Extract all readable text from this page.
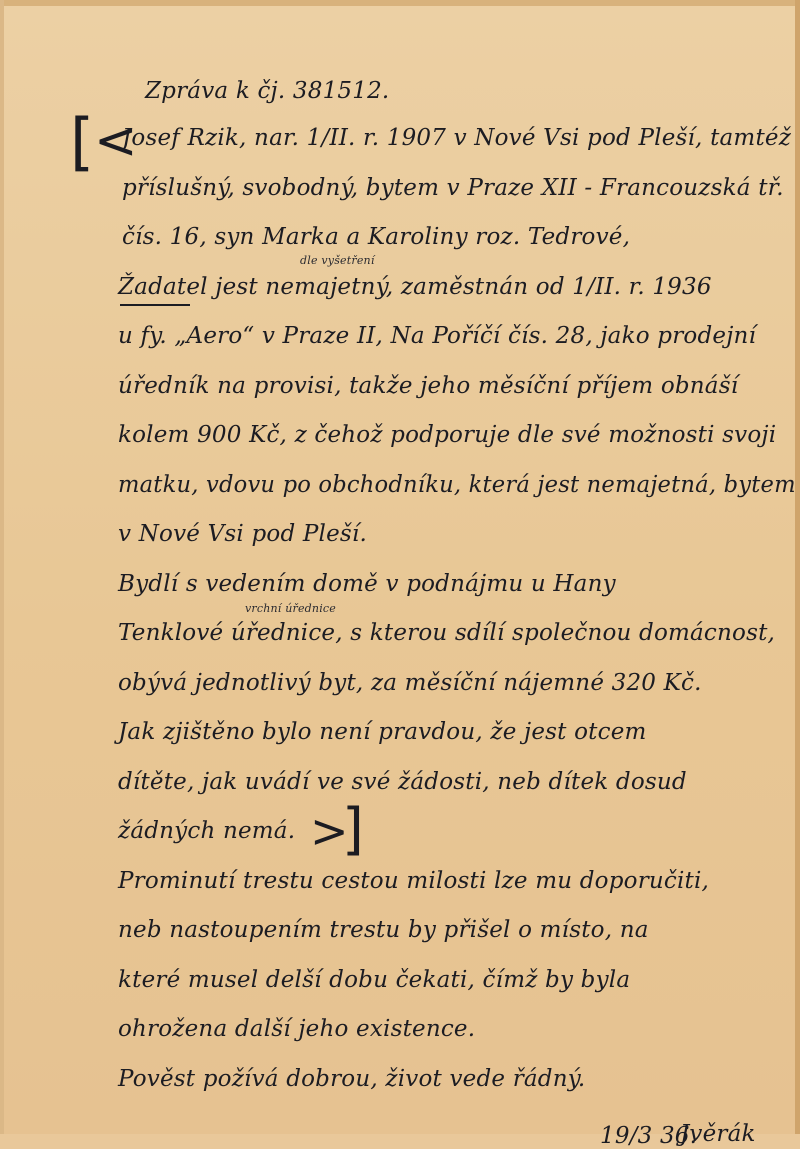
Zpráva k čj. 381512.
[ <
Josef Rzik, nar. 1/II. r. 1907 v Nové Vsi pod Pleší, tamtéž
příslušný, svobodný, bytem v Praze XII - Francouzská tř.
čís. 16, syn Marka a Karoliny roz. Tedrové,
dle vyšetření
Žadatel jest nemajetný, zaměstnán od 1/II. r. 1936
u fy. „Aero“ v Praze II, Na Poříčí čís. 28, jako prodejní
úředník na provisi, takže jeho měsíční příjem obnáší
kolem 900 Kč, z čehož podporuje dle své možnosti svoji
matku, vdovu po obchodníku, která jest nemajetná, bytem
v Nové Vsi pod Pleší.
Bydlí s vedením domě v podnájmu u Hany
vrchní úřednice
Tenklové úřednice, s kterou sdílí společnou domácnost,
obývá jednotlivý byt, za měsíční nájemné 320 Kč.
Jak zjištěno bylo není pravdou, že jest otcem
dítěte, jak uvádí ve své žádosti, neb dítek dosud
žádných nemá. >
]
Prominutí trestu cestou milosti lze mu doporučiti,
neb nastoupením trestu by přišel o místo, na
které musel delší dobu čekati, čímž by byla
ohrožena další jeho existence.
Pověst požívá dobrou, život vede řádný.
19/3 36.
Jvěrák
